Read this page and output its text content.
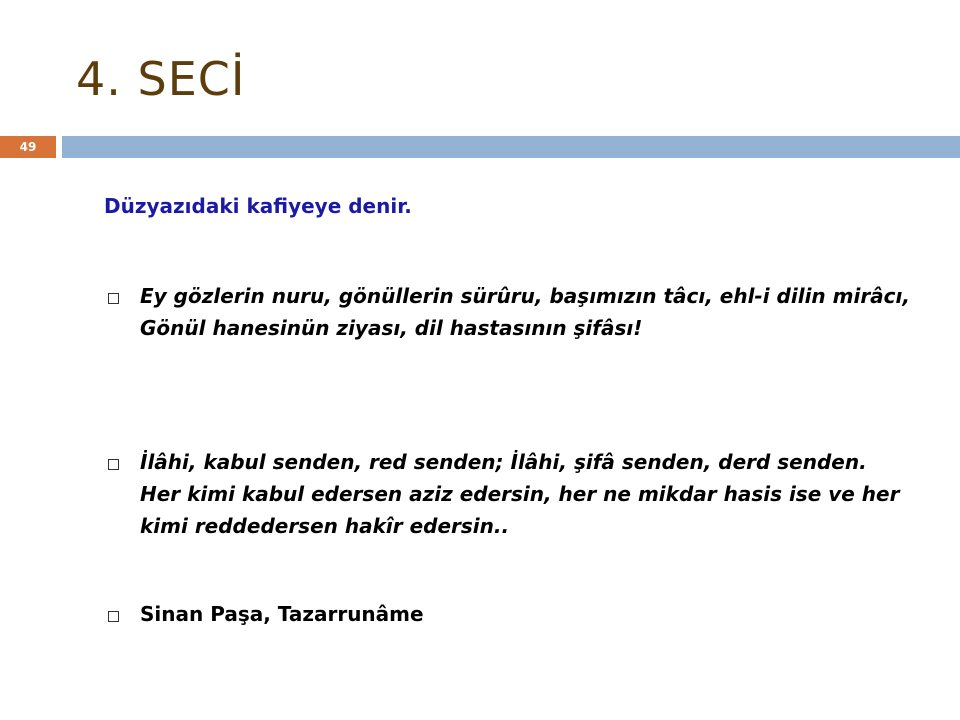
4. SECİ
49
Düzyazıdaki kafiyeye denir.
Ey gözlerin nuru, gönüllerin sürûru, başımızın tâcı, ehl-i dilin mirâcı, Gönül hanesinün ziyası, dil hastasının şifâsı!
İlâhi, kabul senden, red senden; İlâhi, şifâ senden, derd senden. Her kimi kabul edersen aziz edersin, her ne mikdar hasis ise ve her kimi reddedersen hakîr edersin..
Sinan Paşa, Tazarrunâme
